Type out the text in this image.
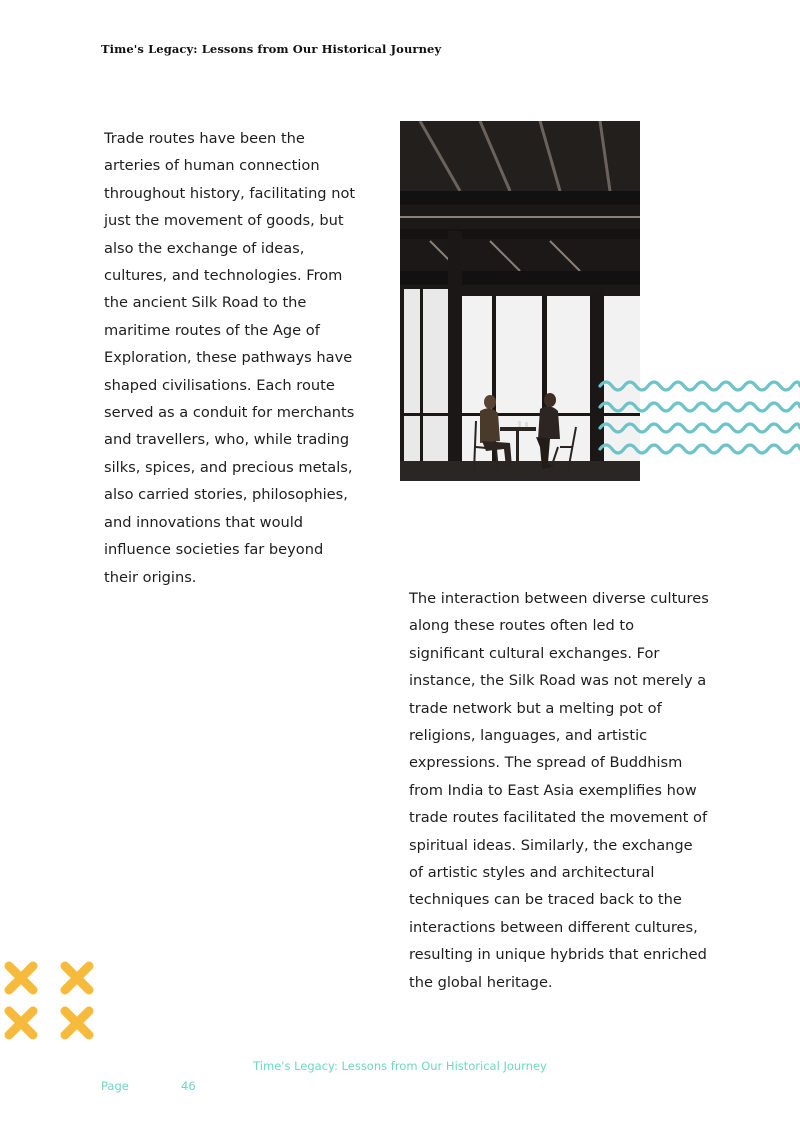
Time's Legacy: Lessons from Our Historical Journey

Trade routes have been the arteries of human connection throughout history, facilitating not just the movement of goods, but also the exchange of ideas, cultures, and technologies. From the ancient Silk Road to the maritime routes of the Age of Exploration, these pathways have shaped civilisations. Each route served as a conduit for merchants and travellers, who, while trading silks, spices, and precious metals, also carried stories, philosophies, and innovations that would influence societies far beyond their origins.

The interaction between diverse cultures along these routes often led to significant cultural exchanges. For instance, the Silk Road was not merely a trade network but a melting pot of religions, languages, and artistic expressions. The spread of Buddhism from India to East Asia exemplifies how trade routes facilitated the movement of spiritual ideas. Similarly, the exchange of artistic styles and architectural techniques can be traced back to the interactions between different cultures, resulting in unique hybrids that enriched the global heritage.

Time's Legacy: Lessons from Our Historical Journey
Page	46
